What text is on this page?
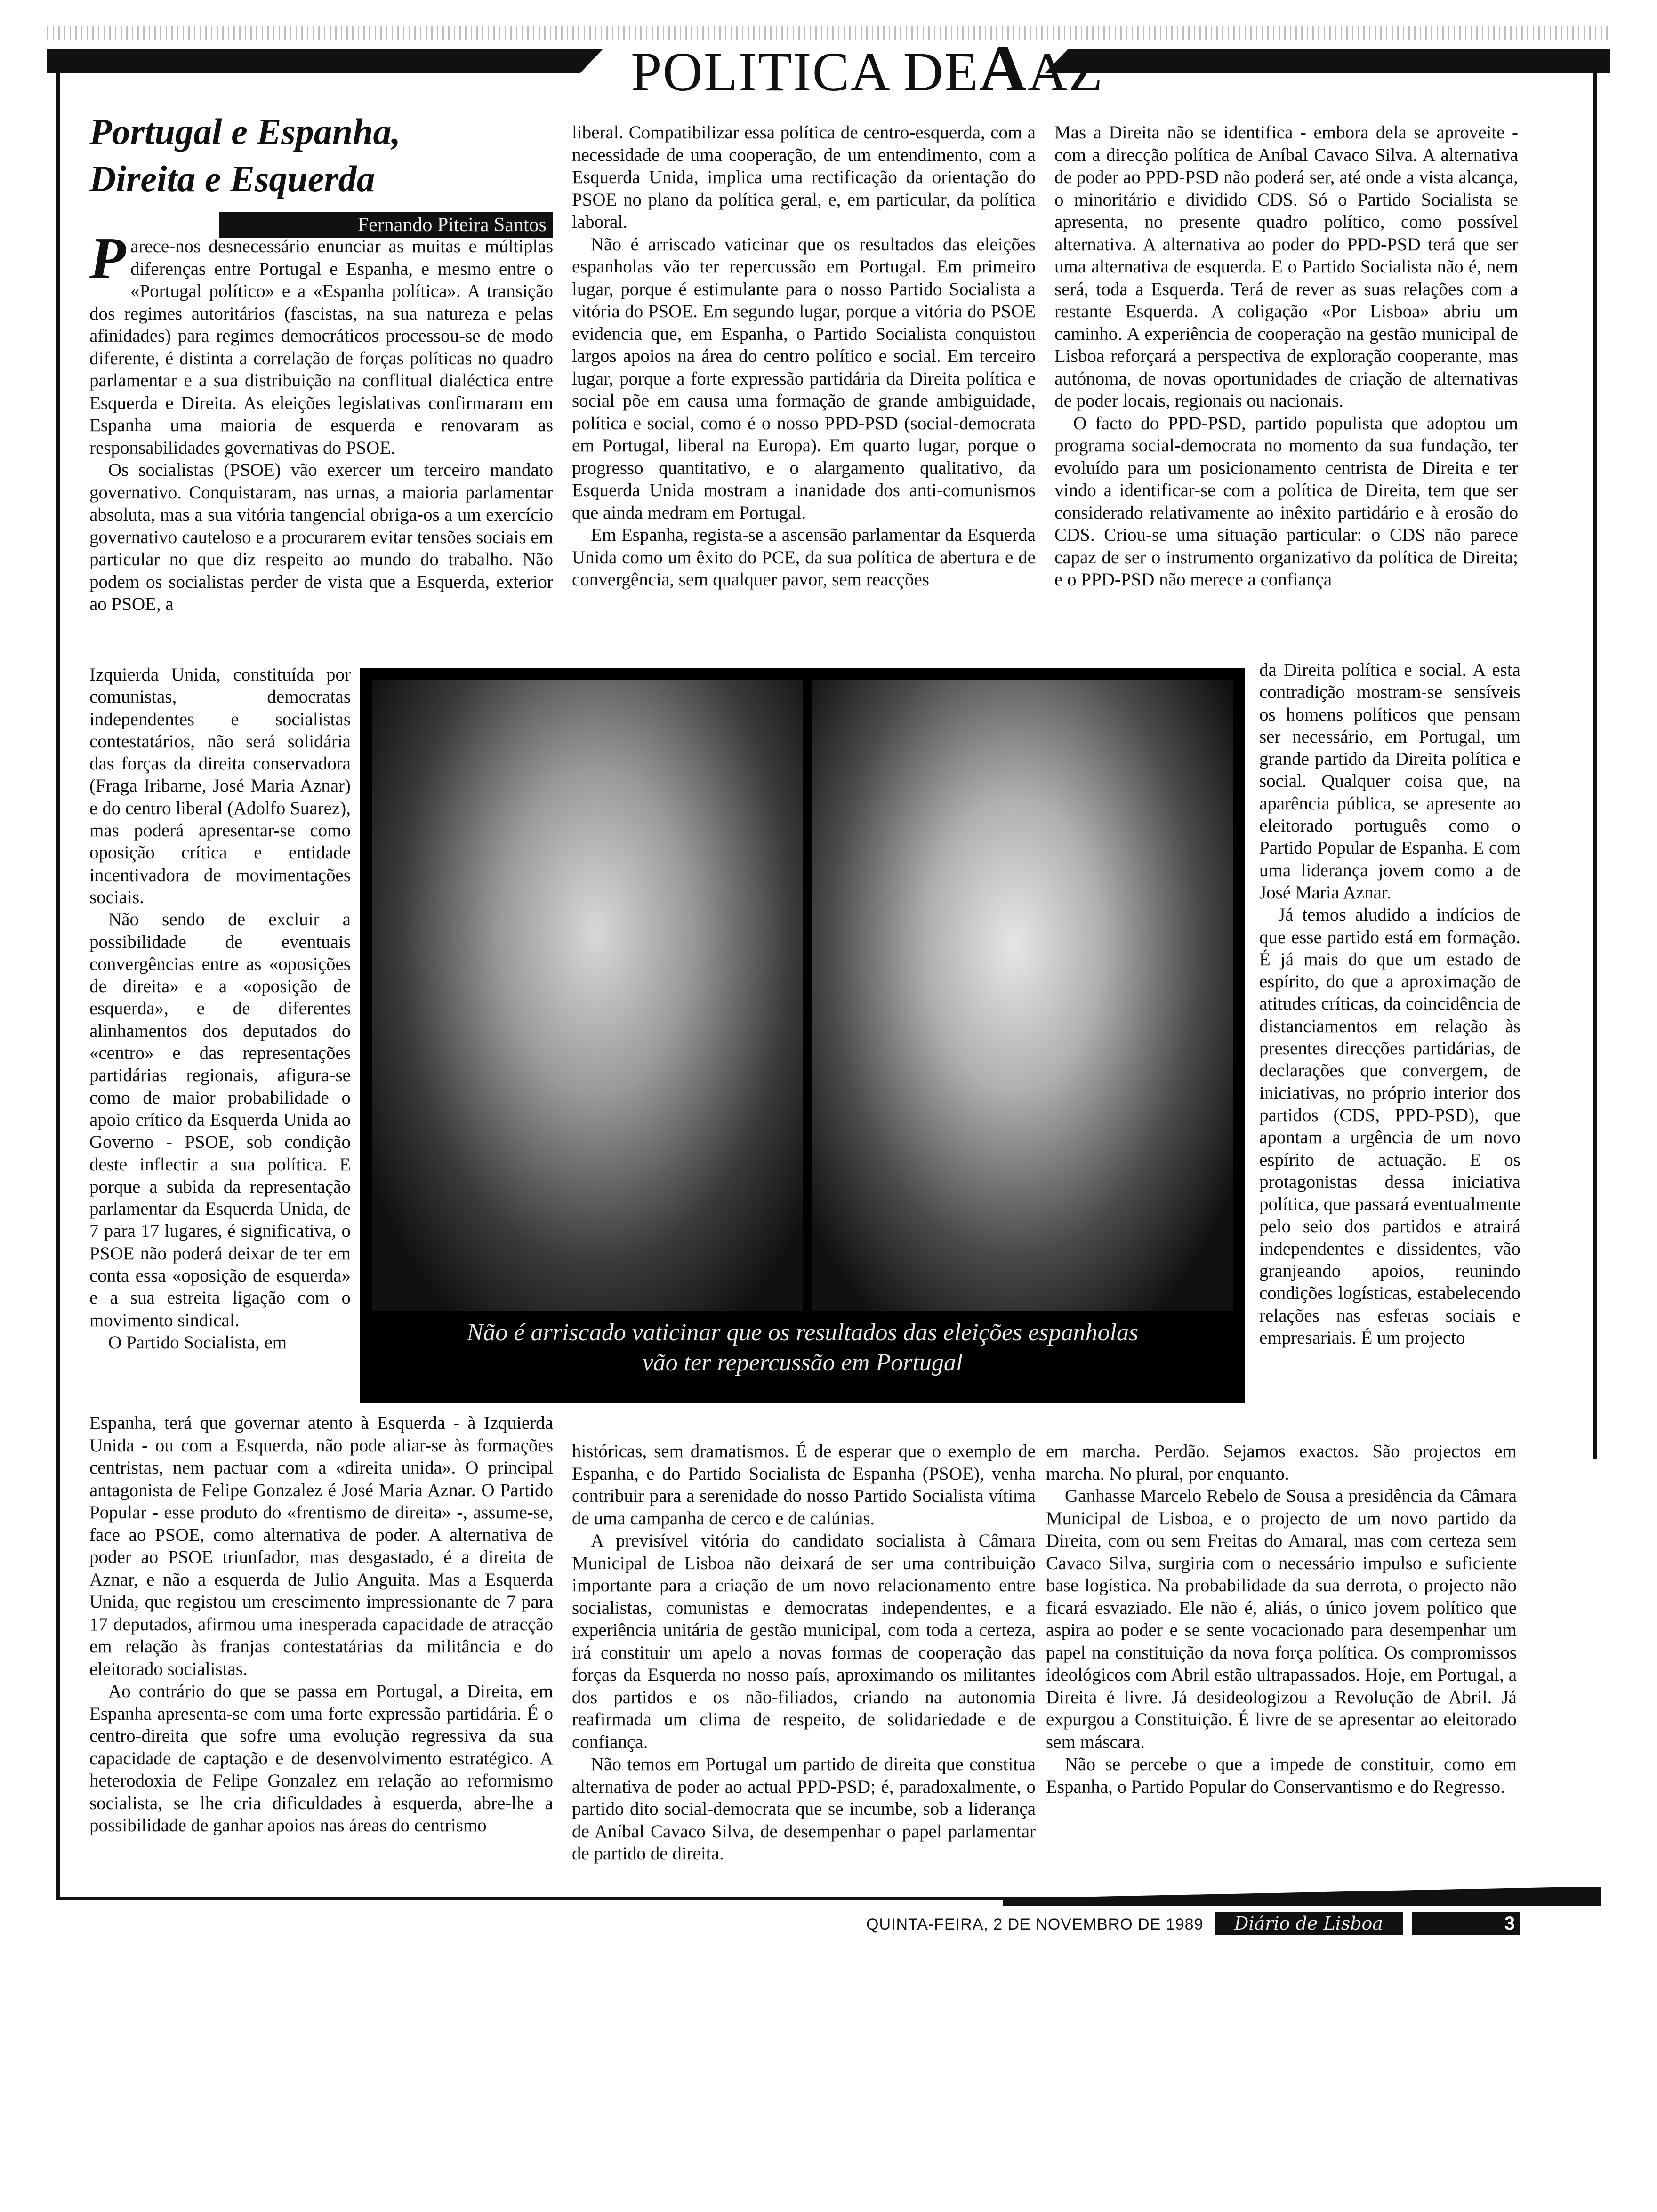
POLITICA DEAAZ
Portugal e Espanha,
Direita e Esquerda
Fernando Piteira Santos

Parece-nos desnecessário enunciar as muitas e múltiplas diferenças entre Portugal e Espanha, e mesmo entre o «Portugal político» e a «Espanha política». A transição dos regimes autoritários (fascistas, na sua natureza e pelas afinidades) para regimes democráticos processou-se de modo diferente, é distinta a correlação de forças políticas no quadro parlamentar e a sua distribuição na conflitual dialéctica entre Esquerda e Direita. As eleições legislativas confirmaram em Espanha uma maioria de esquerda e renovaram as responsabilidades governativas do PSOE.

Os socialistas (PSOE) vão exercer um terceiro mandato governativo. Conquistaram, nas urnas, a maioria parlamentar absoluta, mas a sua vitória tangencial obriga-os a um exercício governativo cauteloso e a procurarem evitar tensões sociais em particular no que diz respeito ao mundo do trabalho. Não podem os socialistas perder de vista que a Esquerda, exterior ao PSOE, a

Izquierda Unida, constituída por comunistas, democratas independentes e socialistas contestatários, não será solidária das forças da direita conservadora (Fraga Iribarne, José Maria Aznar) e do centro liberal (Adolfo Suarez), mas poderá apresentar-se como oposição crítica e entidade incentivadora de movimentações sociais.

Não sendo de excluir a possibilidade de eventuais convergências entre as «oposições de direita» e a «oposição de esquerda», e de diferentes alinhamentos dos deputados do «centro» e das representações partidárias regionais, afigura-se como de maior probabilidade o apoio crítico da Esquerda Unida ao Governo - PSOE, sob condição deste inflectir a sua política. E porque a subida da representação parlamentar da Esquerda Unida, de 7 para 17 lugares, é significativa, o PSOE não poderá deixar de ter em conta essa «oposição de esquerda» e a sua estreita ligação com o movimento sindical.

O Partido Socialista, em

Espanha, terá que governar atento à Esquerda - à Izquierda Unida - ou com a Esquerda, não pode aliar-se às formações centristas, nem pactuar com a «direita unida». O principal antagonista de Felipe Gonzalez é José Maria Aznar. O Partido Popular - esse produto do «frentismo de direita» -, assume-se, face ao PSOE, como alternativa de poder. A alternativa de poder ao PSOE triunfador, mas desgastado, é a direita de Aznar, e não a esquerda de Julio Anguita. Mas a Esquerda Unida, que registou um crescimento impressionante de 7 para 17 deputados, afirmou uma inesperada capacidade de atracção em relação às franjas contestatárias da militância e do eleitorado socialistas.

Ao contrário do que se passa em Portugal, a Direita, em Espanha apresenta-se com uma forte expressão partidária. É o centro-direita que sofre uma evolução regressiva da sua capacidade de captação e de desenvolvimento estratégico. A heterodoxia de Felipe Gonzalez em relação ao reformismo socialista, se lhe cria dificuldades à esquerda, abre-lhe a possibilidade de ganhar apoios nas áreas do centrismo

liberal. Compatibilizar essa política de centro-esquerda, com a necessidade de uma cooperação, de um entendimento, com a Esquerda Unida, implica uma rectificação da orientação do PSOE no plano da política geral, e, em particular, da política laboral.

Não é arriscado vaticinar que os resultados das eleições espanholas vão ter repercussão em Portugal. Em primeiro lugar, porque é estimulante para o nosso Partido Socialista a vitória do PSOE. Em segundo lugar, porque a vitória do PSOE evidencia que, em Espanha, o Partido Socialista conquistou largos apoios na área do centro político e social. Em terceiro lugar, porque a forte expressão partidária da Direita política e social põe em causa uma formação de grande ambiguidade, política e social, como é o nosso PPD-PSD (social-democrata em Portugal, liberal na Europa). Em quarto lugar, porque o progresso quantitativo, e o alargamento qualitativo, da Esquerda Unida mostram a inanidade dos anti-comunismos que ainda medram em Portugal.

Em Espanha, regista-se a ascensão parlamentar da Esquerda Unida como um êxito do PCE, da sua política de abertura e de convergência, sem qualquer pavor, sem reacções

históricas, sem dramatismos. É de esperar que o exemplo de Espanha, e do Partido Socialista de Espanha (PSOE), venha contribuir para a serenidade do nosso Partido Socialista vítima de uma campanha de cerco e de calúnias.

A previsível vitória do candidato socialista à Câmara Municipal de Lisboa não deixará de ser uma contribuição importante para a criação de um novo relacionamento entre socialistas, comunistas e democratas independentes, e a experiência unitária de gestão municipal, com toda a certeza, irá constituir um apelo a novas formas de cooperação das forças da Esquerda no nosso país, aproximando os militantes dos partidos e os não-filiados, criando na autonomia reafirmada um clima de respeito, de solidariedade e de confiança.

Não temos em Portugal um partido de direita que constitua alternativa de poder ao actual PPD-PSD; é, paradoxalmente, o partido dito social-democrata que se incumbe, sob a liderança de Aníbal Cavaco Silva, de desempenhar o papel parlamentar de partido de direita.

Mas a Direita não se identifica - embora dela se aproveite - com a direcção política de Aníbal Cavaco Silva. A alternativa de poder ao PPD-PSD não poderá ser, até onde a vista alcança, o minoritário e dividido CDS. Só o Partido Socialista se apresenta, no presente quadro político, como possível alternativa. A alternativa ao poder do PPD-PSD terá que ser uma alternativa de esquerda. E o Partido Socialista não é, nem será, toda a Esquerda. Terá de rever as suas relações com a restante Esquerda. A coligação «Por Lisboa» abriu um caminho. A experiência de cooperação na gestão municipal de Lisboa reforçará a perspectiva de exploração cooperante, mas autónoma, de novas oportunidades de criação de alternativas de poder locais, regionais ou nacionais.

O facto do PPD-PSD, partido populista que adoptou um programa social-democrata no momento da sua fundação, ter evoluído para um posicionamento centrista de Direita e ter vindo a identificar-se com a política de Direita, tem que ser considerado relativamente ao inêxito partidário e à erosão do CDS. Criou-se uma situação particular: o CDS não parece capaz de ser o instrumento organizativo da política de Direita; e o PPD-PSD não merece a confiança

da Direita política e social. A esta contradição mostram-se sensíveis os homens políticos que pensam ser necessário, em Portugal, um grande partido da Direita política e social. Qualquer coisa que, na aparência pública, se apresente ao eleitorado português como o Partido Popular de Espanha. E com uma liderança jovem como a de José Maria Aznar.

Já temos aludido a indícios de que esse partido está em formação. É já mais do que um estado de espírito, do que a aproximação de atitudes críticas, da coincidência de distanciamentos em relação às presentes direcções partidárias, de declarações que convergem, de iniciativas, no próprio interior dos partidos (CDS, PPD-PSD), que apontam a urgência de um novo espírito de actuação. E os protagonistas dessa iniciativa política, que passará eventualmente pelo seio dos partidos e atrairá independentes e dissidentes, vão granjeando apoios, reunindo condições logísticas, estabelecendo relações nas esferas sociais e empresariais. É um projecto

em marcha. Perdão. Sejamos exactos. São projectos em marcha. No plural, por enquanto.

Ganhasse Marcelo Rebelo de Sousa a presidência da Câmara Municipal de Lisboa, e o projecto de um novo partido da Direita, com ou sem Freitas do Amaral, mas com certeza sem Cavaco Silva, surgiria com o necessário impulso e suficiente base logística. Na probabilidade da sua derrota, o projecto não ficará esvaziado. Ele não é, aliás, o único jovem político que aspira ao poder e se sente vocacionado para desempenhar um papel na constituição da nova força política. Os compromissos ideológicos com Abril estão ultrapassados. Hoje, em Portugal, a Direita é livre. Já desideologizou a Revolução de Abril. Já expurgou a Constituição. É livre de se apresentar ao eleitorado sem máscara.

Não se percebe o que a impede de constituir, como em Espanha, o Partido Popular do Conservantismo e do Regresso.

Não é arriscado vaticinar que os resultados das eleições espanholas
vão ter repercussão em Portugal
QUINTA-FEIRA, 2 DE NOVEMBRO DE 1989	Diário de Lisboa	3
